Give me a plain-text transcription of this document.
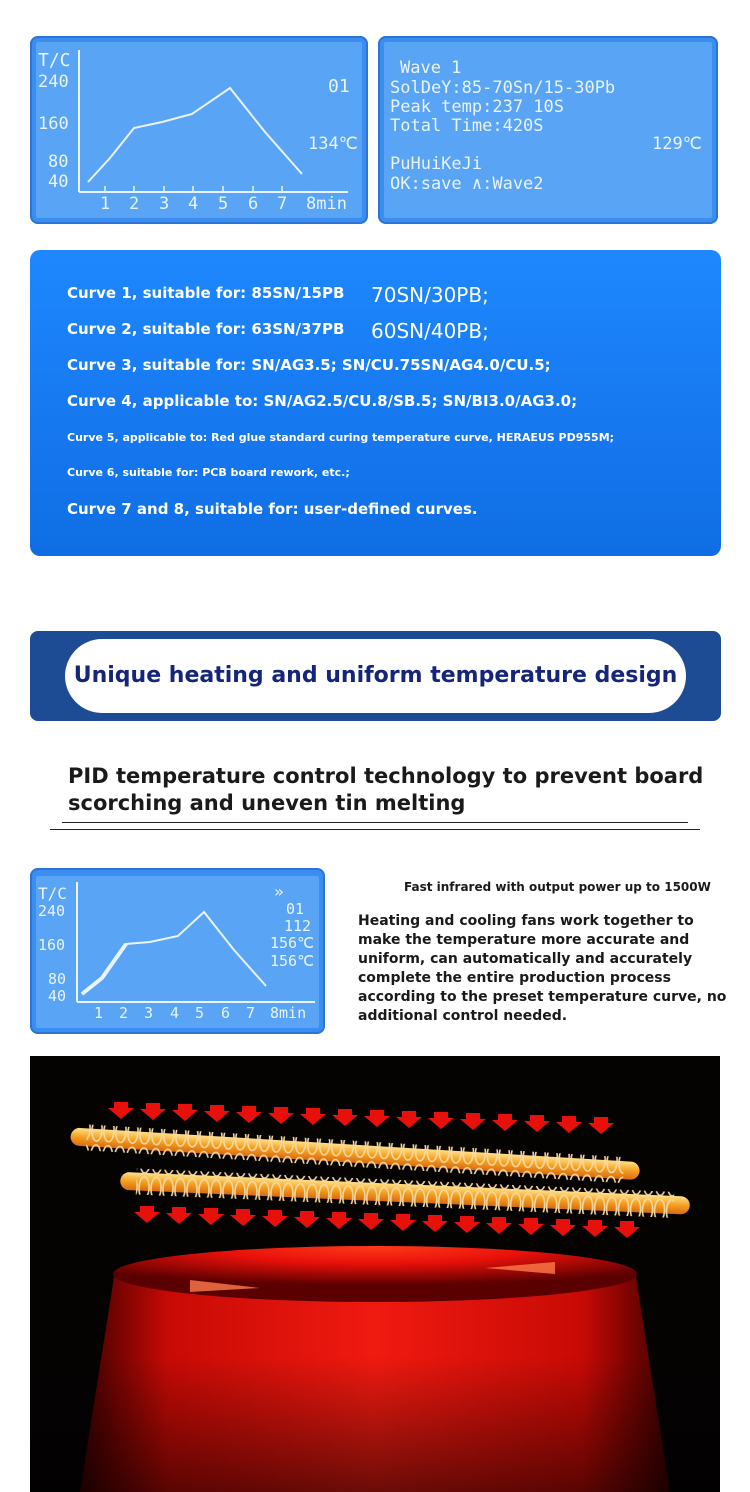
T/C
240
160
80
40
1 2 3 4 5 6 7 8min
01
134℃
Wave 1
SolDeY:85-70Sn/15-30Pb
Peak temp:237 10S
Total Time:420S
129℃
PuHuiKeJi
OK:save ∧:Wave2
Curve 1, suitable for: 85SN/15PB 70SN/30PB;
Curve 2, suitable for: 63SN/37PB 60SN/40PB;
Curve 3, suitable for: SN/AG3.5; SN/CU.75SN/AG4.0/CU.5;
Curve 4, applicable to: SN/AG2.5/CU.8/SB.5; SN/BI3.0/AG3.0;
Curve 5, applicable to: Red glue standard curing temperature curve, HERAEUS PD955M;
Curve 6, suitable for: PCB board rework, etc.;
Curve 7 and 8, suitable for: user-defined curves.
Unique heating and uniform temperature design
PID temperature control technology to prevent board scorching and uneven tin melting
T/C
240
160
80
40
1 2 3 4 5 6 7 8min
»
01
112
156℃
156℃
Fast infrared with output power up to 1500W
Heating and cooling fans work together to make the temperature more accurate and uniform, can automatically and accurately complete the entire production process according to the preset temperature curve, no additional control needed.
